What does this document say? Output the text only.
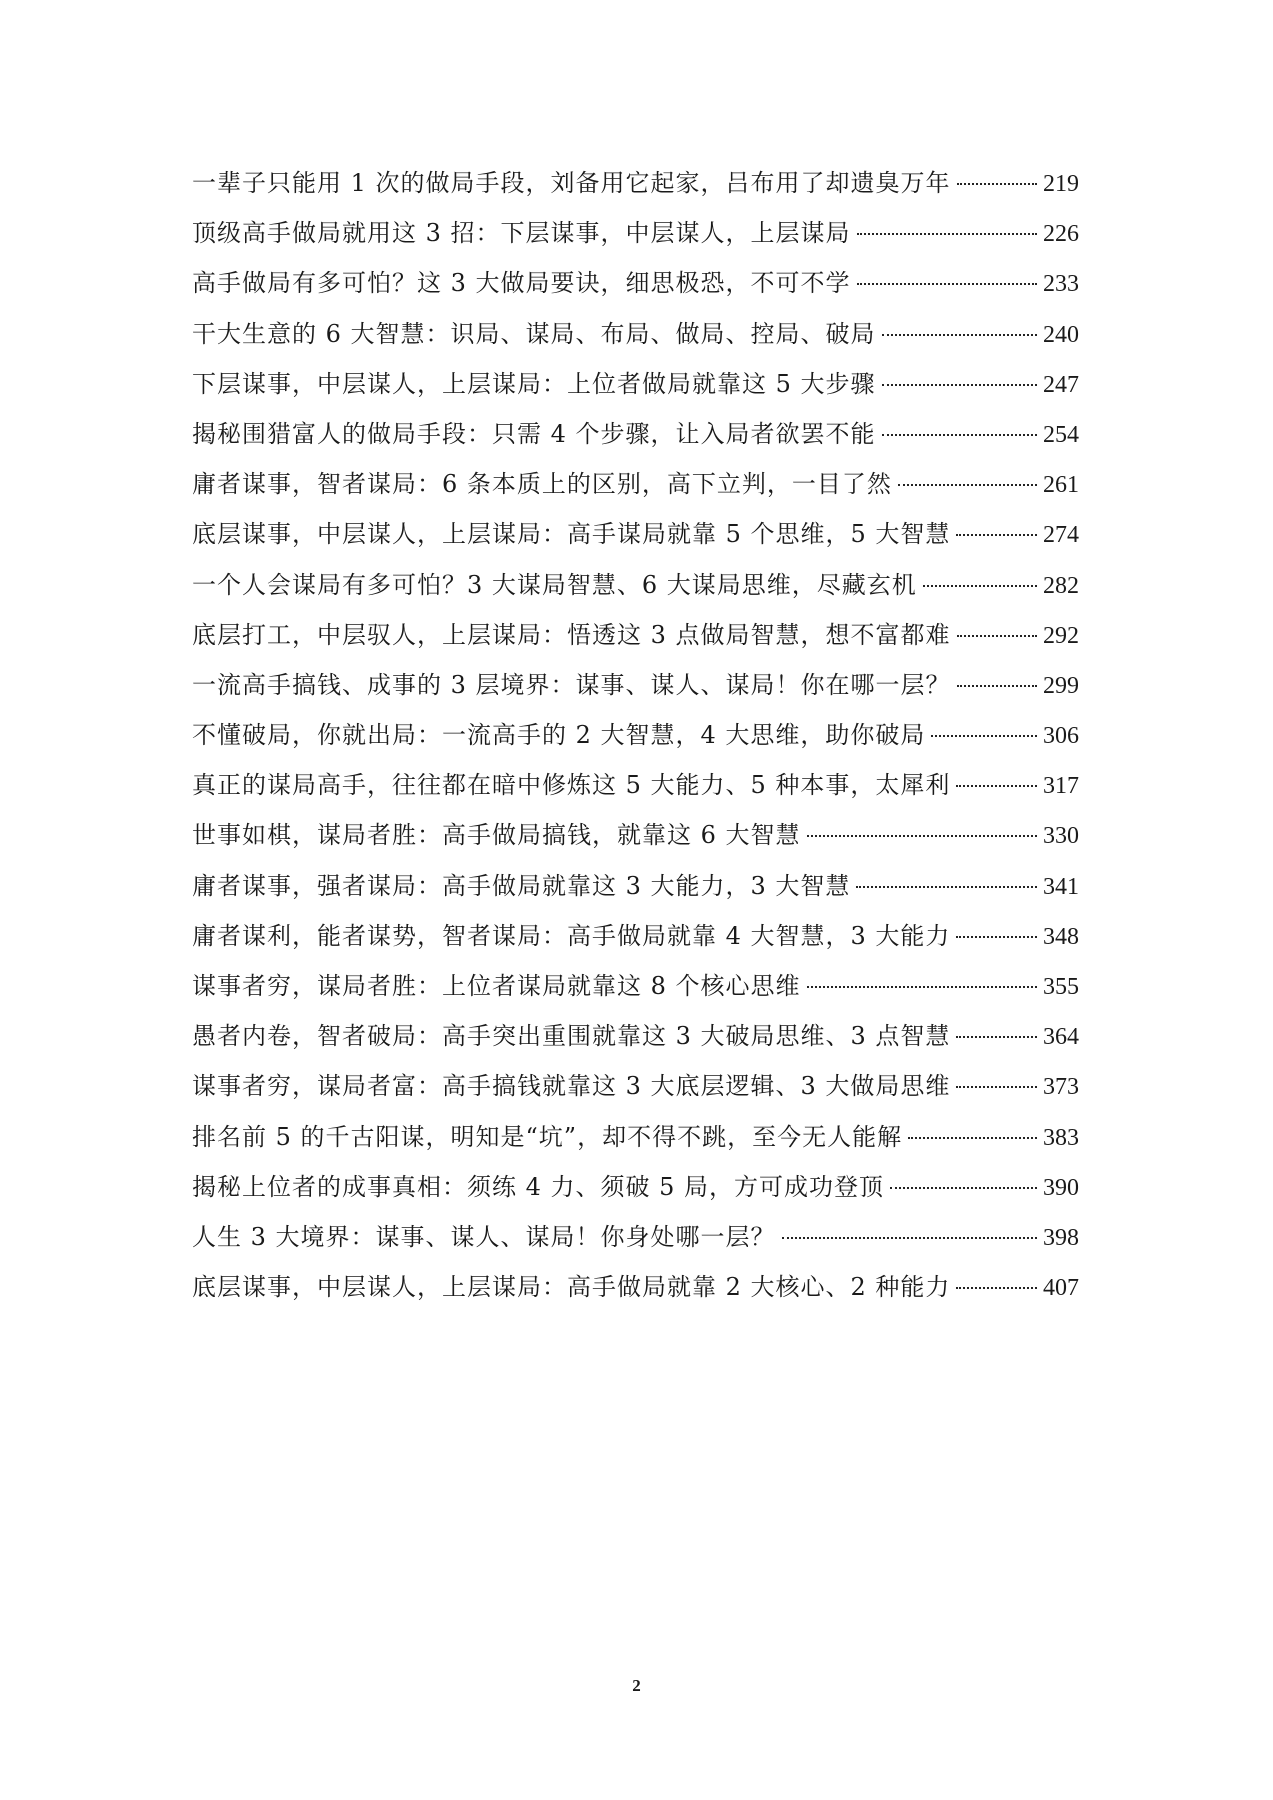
一辈子只能用 1 次的做局手段，刘备用它起家，吕布用了却遗臭万年	219
顶级高手做局就用这 3 招：下层谋事，中层谋人，上层谋局	226
高手做局有多可怕？这 3 大做局要诀，细思极恐，不可不学	233
干大生意的 6 大智慧：识局、谋局、布局、做局、控局、破局	240
下层谋事，中层谋人，上层谋局：上位者做局就靠这 5 大步骤	247
揭秘围猎富人的做局手段：只需 4 个步骤，让入局者欲罢不能	254
庸者谋事，智者谋局：6 条本质上的区别，高下立判，一目了然	261
底层谋事，中层谋人，上层谋局：高手谋局就靠 5 个思维，5 大智慧	274
一个人会谋局有多可怕？3 大谋局智慧、6 大谋局思维，尽藏玄机	282
底层打工，中层驭人，上层谋局：悟透这 3 点做局智慧，想不富都难	292
一流高手搞钱、成事的 3 层境界：谋事、谋人、谋局！你在哪一层？	299
不懂破局，你就出局：一流高手的 2 大智慧，4 大思维，助你破局	306
真正的谋局高手，往往都在暗中修炼这 5 大能力、5 种本事，太犀利	317
世事如棋，谋局者胜：高手做局搞钱，就靠这 6 大智慧	330
庸者谋事，强者谋局：高手做局就靠这 3 大能力，3 大智慧	341
庸者谋利，能者谋势，智者谋局：高手做局就靠 4 大智慧，3 大能力	348
谋事者穷，谋局者胜：上位者谋局就靠这 8 个核心思维	355
愚者内卷，智者破局：高手突出重围就靠这 3 大破局思维、3 点智慧	364
谋事者穷，谋局者富：高手搞钱就靠这 3 大底层逻辑、3 大做局思维	373
排名前 5 的千古阳谋，明知是“坑”，却不得不跳，至今无人能解	383
揭秘上位者的成事真相：须练 4 力、须破 5 局，方可成功登顶	390
人生 3 大境界：谋事、谋人、谋局！你身处哪一层？	398
底层谋事，中层谋人，上层谋局：高手做局就靠 2 大核心、2 种能力	407
2
